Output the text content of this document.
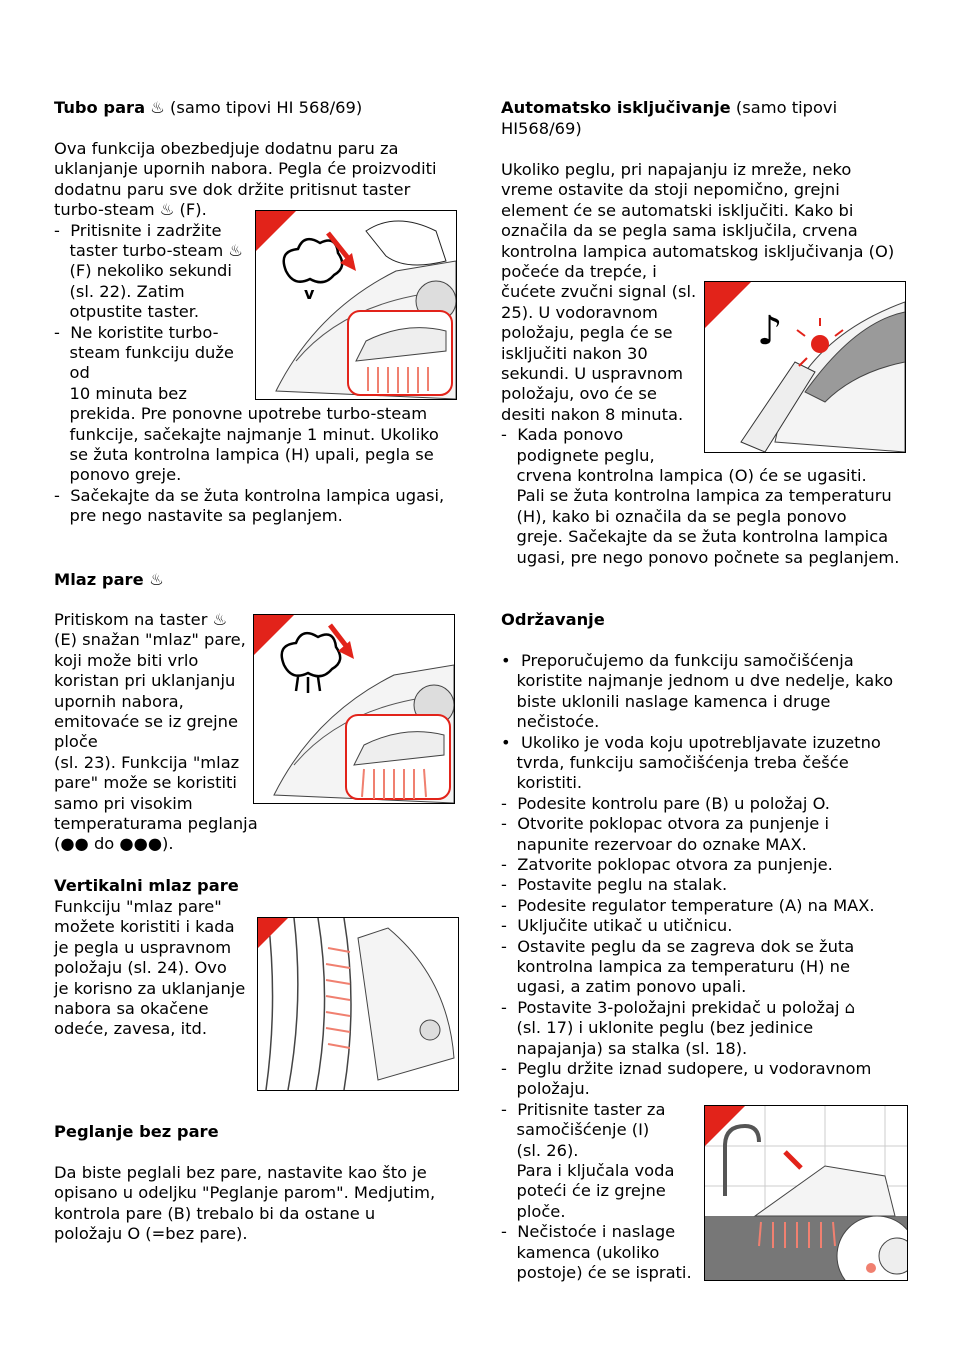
Tubo para ♨ (samo tipovi HI 568/69)
Ova funkcija obezbedjuje dodatnu paru za
uklanjanje upornih nabora. Pegla će proizvoditi
dodatnu paru sve dok držite pritisnut taster
turbo-steam ♨ (F).
-  Pritisnite i zadržite
taster turbo-steam ♨
(F) nekoliko sekundi
(sl. 22). Zatim
otpustite taster.
-  Ne koristite turbo-
steam funkciju duže
od
10 minuta bez
prekida. Pre ponovne upotrebe turbo-steam
funkcije, sačekajte najmanje 1 minut. Ukoliko
se žuta kontrolna lampica (H) upali, pegla se
ponovo greje.
-  Sačekajte da se žuta kontrolna lampica ugasi,
pre nego nastavite sa peglanjem.
v
Mlaz pare ♨
Pritiskom na taster ♨
(E) snažan "mlaz" pare,
koji može biti vrlo
koristan pri uklanjanju
upornih nabora,
emitovaće se iz grejne
ploče
(sl. 23). Funkcija "mlaz
pare" može se koristiti
samo pri visokim
temperaturama peglanja
(●● do ●●●).
Vertikalni mlaz pare
Funkciju "mlaz pare"
možete koristiti i kada
je pegla u uspravnom
položaju (sl. 24). Ovo
je korisno za uklanjanje
nabora sa okačene
odeće, zavesa, itd.
Peglanje bez pare
Da biste peglali bez pare, nastavite kao što je
opisano u odeljku "Peglanje parom". Medjutim,
kontrola pare (B) trebalo bi da ostane u
položaju O (=bez pare).
Automatsko isključivanje (samo tipovi
HI568/69)
Ukoliko peglu, pri napajanju iz mreže, neko
vreme ostavite da stoji nepomično, grejni
element će se automatski isključiti. Kako bi
označila da se pegla sama isključila, crvena
kontrolna lampica automatskog isključivanja (O)
počeće da trepće, i
čućete zvučni signal (sl.
25). U vodoravnom
položaju, pegla će se
isključiti nakon 30
sekundi. U uspravnom
položaju, ovo će se
desiti nakon 8 minuta.
-  Kada ponovo
podignete peglu,
crvena kontrolna lampica (O) će se ugasiti.
Pali se žuta kontrolna lampica za temperaturu
(H), kako bi označila da se pegla ponovo
greje. Sačekajte da se žuta kontrolna lampica
ugasi, pre nego ponovo počnete sa peglanjem.
♪
Održavanje
•  Preporučujemo da funkciju samočišćenja
koristite najmanje jednom u dve nedelje, kako
biste uklonili naslage kamenca i druge
nečistoće.
•  Ukoliko je voda koju upotrebljavate izuzetno
tvrda, funkciju samočišćenja treba češće
koristiti.
-  Podesite kontrolu pare (B) u položaj O.
-  Otvorite poklopac otvora za punjenje i
napunite rezervoar do oznake MAX.
-  Zatvorite poklopac otvora za punjenje.
-  Postavite peglu na stalak.
-  Podesite regulator temperature (A) na MAX.
-  Uključite utikač u utičnicu.
-  Ostavite peglu da se zagreva dok se žuta
kontrolna lampica za temperaturu (H) ne
ugasi, a zatim ponovo upali.
-  Postavite 3-položajni prekidač u položaj ⌂
(sl. 17) i uklonite peglu (bez jedinice
napajanja) sa stalka (sl. 18).
-  Peglu držite iznad sudopere, u vodoravnom
položaju.
-  Pritisnite taster za
samočišćenje (I)
(sl. 26).
Para i ključala voda
poteći će iz grejne
ploče.
-  Nečistoće i naslage
kamenca (ukoliko
postoje) će se isprati.
